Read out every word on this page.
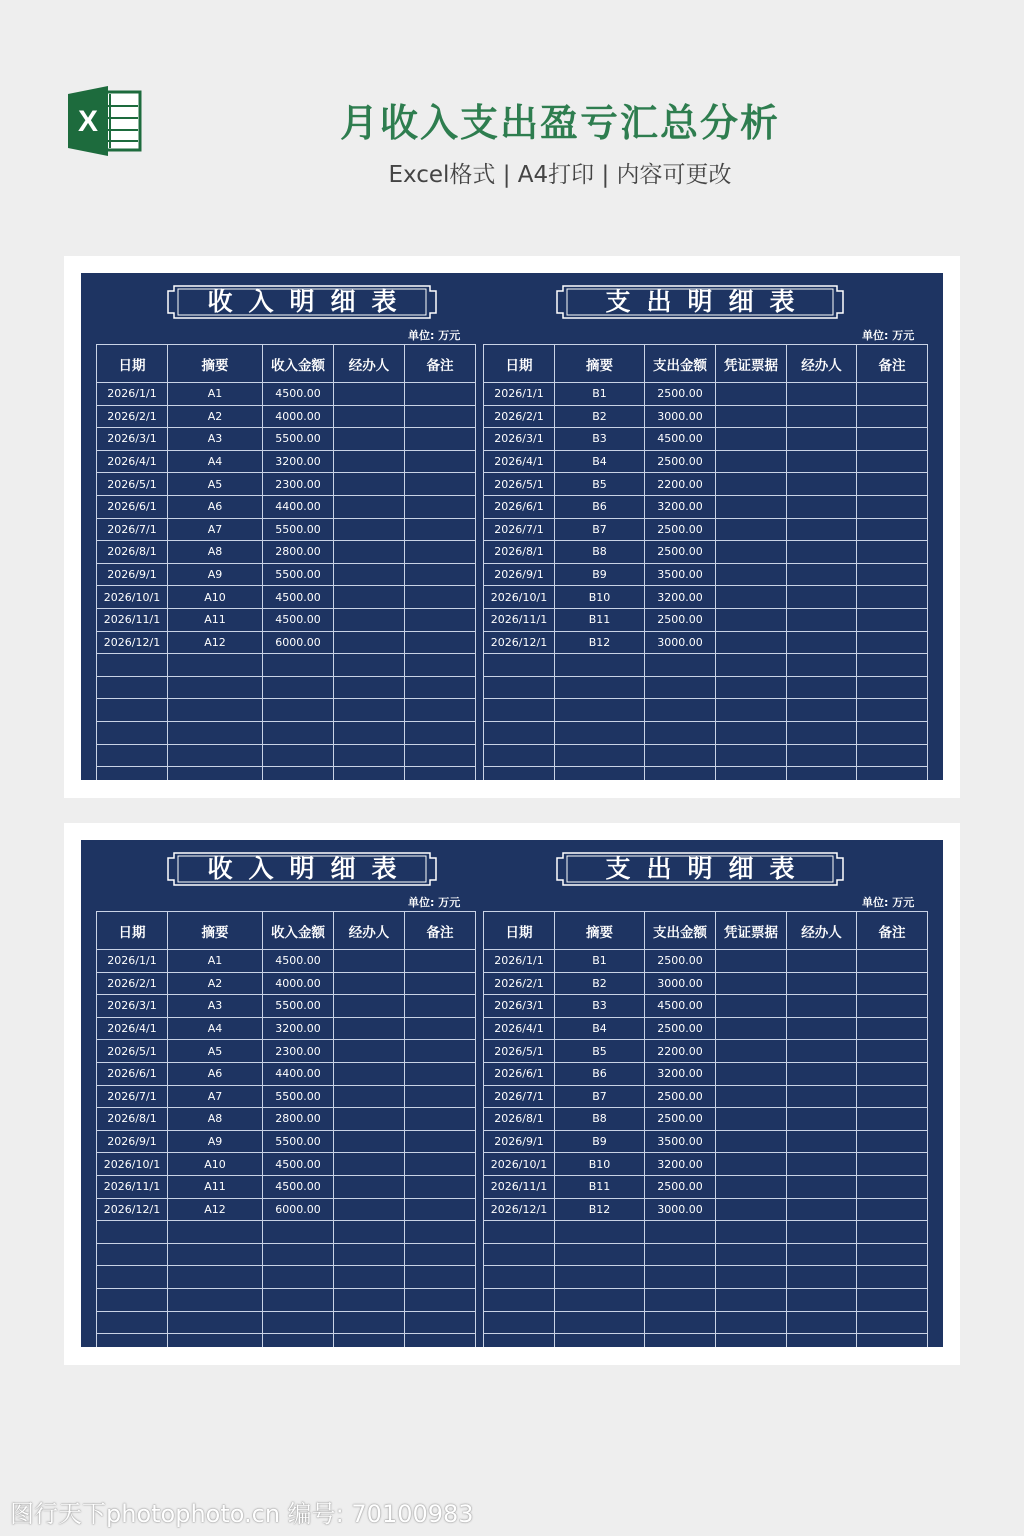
X	月收入支出盈亏汇总分析
Excel格式 | A4打印 | 内容可更改
收入明细表
单位: 万元
日期	摘要	收入金额	经办人	备注
2026/1/1	A1	4500.00		
2026/2/1	A2	4000.00		
2026/3/1	A3	5500.00		
2026/4/1	A4	3200.00		
2026/5/1	A5	2300.00		
2026/6/1	A6	4400.00		
2026/7/1	A7	5500.00		
2026/8/1	A8	2800.00		
2026/9/1	A9	5500.00		
2026/10/1	A10	4500.00		
2026/11/1	A11	4500.00		
2026/12/1	A12	6000.00		

支出明细表
单位: 万元
日期	摘要	支出金额	凭证票据	经办人	备注
2026/1/1	B1	2500.00			
2026/2/1	B2	3000.00			
2026/3/1	B3	4500.00			
2026/4/1	B4	2500.00			
2026/5/1	B5	2200.00			
2026/6/1	B6	3200.00			
2026/7/1	B7	2500.00			
2026/8/1	B8	2500.00			
2026/9/1	B9	3500.00			
2026/10/1	B10	3200.00			
2026/11/1	B11	2500.00			
2026/12/1	B12	3000.00			

收入明细表
单位: 万元
日期	摘要	收入金额	经办人	备注
2026/1/1	A1	4500.00		
2026/2/1	A2	4000.00		
2026/3/1	A3	5500.00		
2026/4/1	A4	3200.00		
2026/5/1	A5	2300.00		
2026/6/1	A6	4400.00		
2026/7/1	A7	5500.00		
2026/8/1	A8	2800.00		
2026/9/1	A9	5500.00		
2026/10/1	A10	4500.00		
2026/11/1	A11	4500.00		
2026/12/1	A12	6000.00		

支出明细表
单位: 万元
日期	摘要	支出金额	凭证票据	经办人	备注
2026/1/1	B1	2500.00			
2026/2/1	B2	3000.00			
2026/3/1	B3	4500.00			
2026/4/1	B4	2500.00			
2026/5/1	B5	2200.00			
2026/6/1	B6	3200.00			
2026/7/1	B7	2500.00			
2026/8/1	B8	2500.00			
2026/9/1	B9	3500.00			
2026/10/1	B10	3200.00			
2026/11/1	B11	2500.00			
2026/12/1	B12	3000.00			

图行天下photophoto.cn 编号: 70100983
